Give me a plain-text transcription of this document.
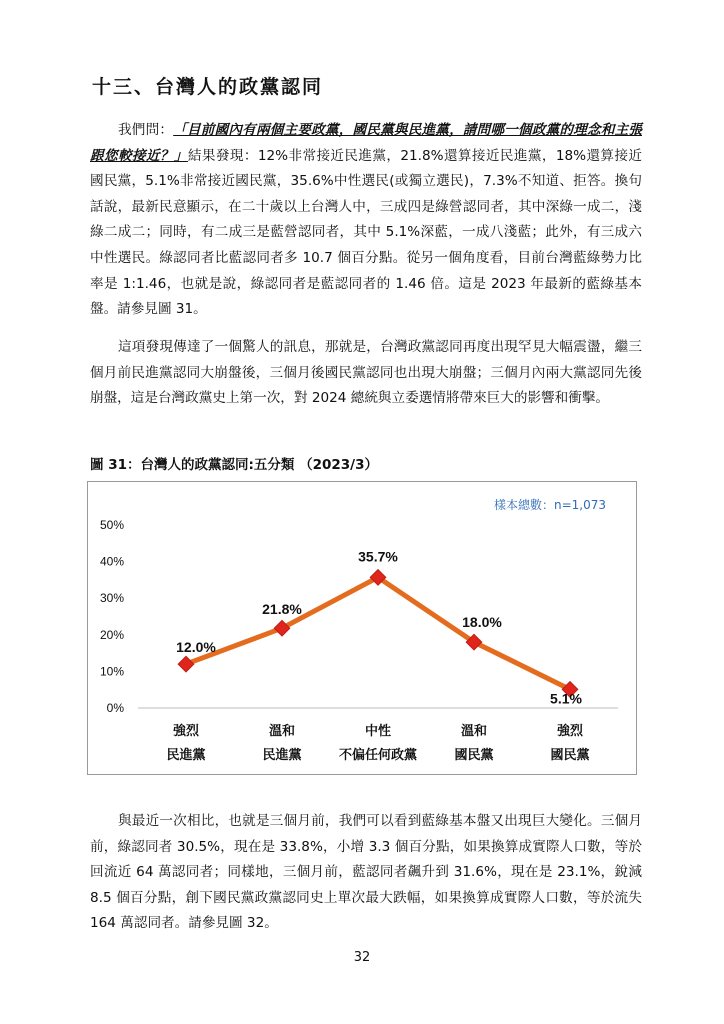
十三、台灣人的政黨認同

我們問：「目前國內有兩個主要政黨，國民黨與民進黨，請問哪一個政黨的理念和主張跟您較接近？」結果發現：12%非常接近民進黨，21.8%還算接近民進黨，18%還算接近國民黨，5.1%非常接近國民黨，35.6%中性選民(或獨立選民)，7.3%不知道、拒答。換句話說，最新民意顯示，在二十歲以上台灣人中，三成四是綠營認同者，其中深綠一成二，淺綠二成二；同時，有二成三是藍營認同者，其中 5.1%深藍，一成八淺藍；此外，有三成六中性選民。綠認同者比藍認同者多 10.7 個百分點。從另一個角度看，目前台灣藍綠勢力比率是 1:1.46，也就是說，綠認同者是藍認同者的 1.46 倍。這是 2023 年最新的藍綠基本盤。請參見圖 31。

這項發現傳達了一個驚人的訊息，那就是，台灣政黨認同再度出現罕見大幅震盪，繼三個月前民進黨認同大崩盤後，三個月後國民黨認同也出現大崩盤；三個月內兩大黨認同先後崩盤，這是台灣政黨史上第一次，對 2024 總統與立委選情將帶來巨大的影響和衝擊。

圖 31：台灣人的政黨認同:五分類 （2023/3）
樣本總數：n=1,073
0%
10%
20%
30%
40%
50%
12.0%
21.8%
35.7%
18.0%
5.1%
強烈
民進黨
溫和
民進黨
中性
不偏任何政黨
溫和
國民黨
強烈
國民黨

與最近一次相比，也就是三個月前，我們可以看到藍綠基本盤又出現巨大變化。三個月前，綠認同者 30.5%，現在是 33.8%，小增 3.3 個百分點，如果換算成實際人口數，等於回流近 64 萬認同者；同樣地，三個月前，藍認同者飆升到 31.6%，現在是 23.1%，銳減 8.5 個百分點，創下國民黨政黨認同史上單次最大跌幅，如果換算成實際人口數，等於流失 164 萬認同者。請參見圖 32。

32
